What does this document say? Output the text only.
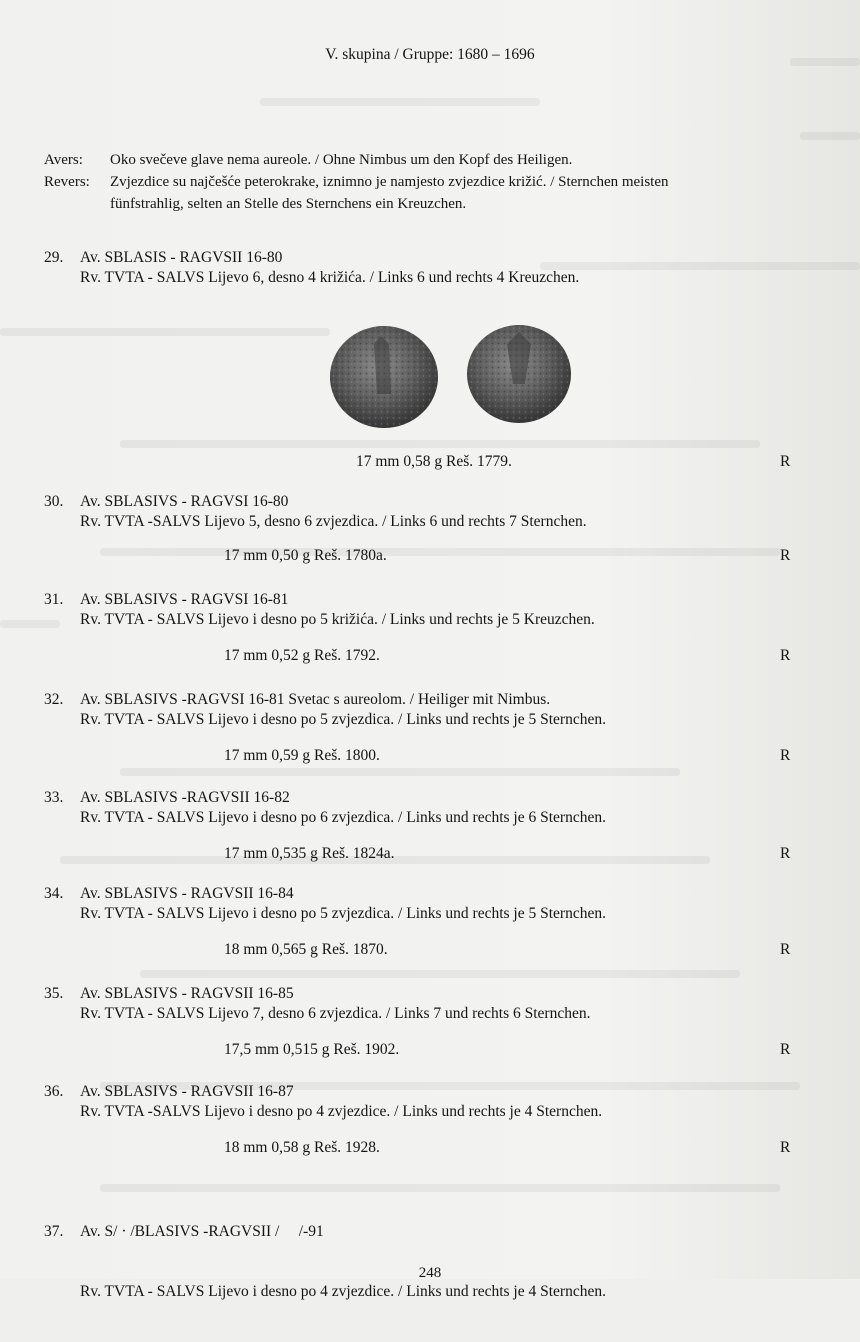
V. skupina / Gruppe: 1680 – 1696
Avers: Oko svečeve glave nema aureole. / Ohne Nimbus um den Kopf des Heiligen.
Revers: Zvjezdice su najčešće peterokrake, iznimno je namjesto zvjezdice križić. / Sternchen meisten
fünfstrahlig, selten an Stelle des Sternchens ein Kreuzchen.
29. Av. SBLASIS - RAGVSII 16-80
Rv. TVTA - SALVS Lijevo 6, desno 4 križića. / Links 6 und rechts 4 Kreuzchen.
17 mm 0,58 g Reš. 1779.	R
30. Av. SBLASIVS - RAGVSI 16-80
Rv. TVTA -SALVS Lijevo 5, desno 6 zvjezdica. / Links 6 und rechts 7 Sternchen.
17 mm 0,50 g Reš. 1780a.	R
31. Av. SBLASIVS - RAGVSI 16-81
Rv. TVTA - SALVS Lijevo i desno po 5 križića. / Links und rechts je 5 Kreuzchen.
17 mm 0,52 g Reš. 1792.	R
32. Av. SBLASIVS -RAGVSI 16-81 Svetac s aureolom. / Heiliger mit Nimbus.
Rv. TVTA - SALVS Lijevo i desno po 5 zvjezdica. / Links und rechts je 5 Sternchen.
17 mm 0,59 g Reš. 1800.	R
33. Av. SBLASIVS -RAGVSII 16-82
Rv. TVTA - SALVS Lijevo i desno po 6 zvjezdica. / Links und rechts je 6 Sternchen.
17 mm 0,535 g Reš. 1824a.	R
34. Av. SBLASIVS - RAGVSII 16-84
Rv. TVTA - SALVS Lijevo i desno po 5 zvjezdica. / Links und rechts je 5 Sternchen.
18 mm 0,565 g Reš. 1870.	R
35. Av. SBLASIVS - RAGVSII 16-85
Rv. TVTA - SALVS Lijevo 7, desno 6 zvjezdica. / Links 7 und rechts 6 Sternchen.
17,5 mm 0,515 g Reš. 1902.	R
36. Av. SBLASIVS - RAGVSII 16-87
Rv. TVTA -SALVS Lijevo i desno po 4 zvjezdice. / Links und rechts je 4 Sternchen.
18 mm 0,58 g Reš. 1928.	R

37. Av. S/ · /BLASIVS -RAGVSII /     /-91

Rv. TVTA - SALVS Lijevo i desno po 4 zvjezdice. / Links und rechts je 4 Sternchen.

248
